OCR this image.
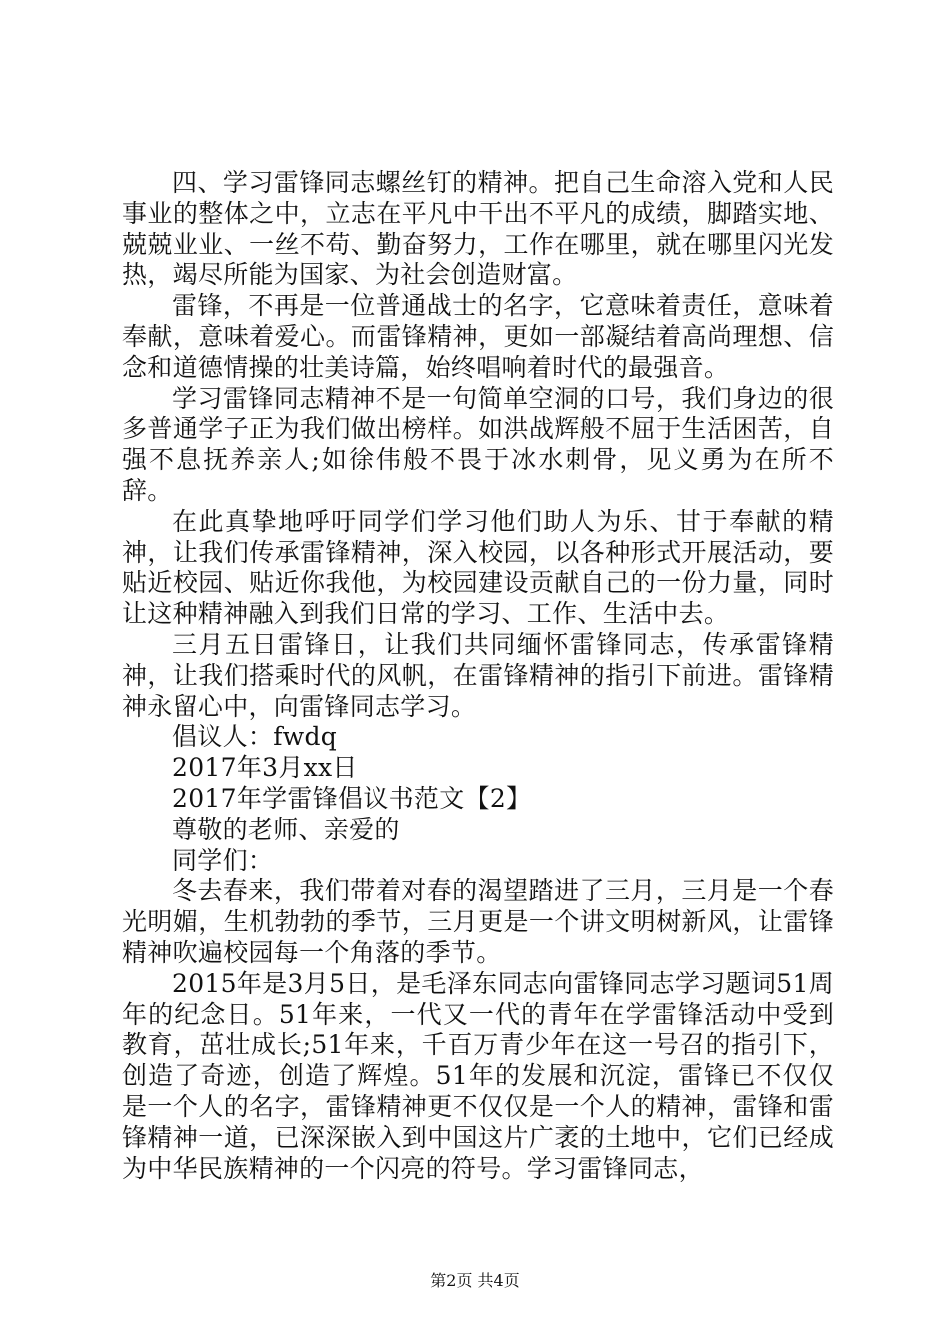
四、学习雷锋同志螺丝钉的精神。把自己生命溶入党和人民事业的整体之中，立志在平凡中干出不平凡的成绩，脚踏实地、兢兢业业、一丝不苟、勤奋努力，工作在哪里，就在哪里闪光发热，竭尽所能为国家、为社会创造财富。

雷锋，不再是一位普通战士的名字，它意味着责任，意味着奉献，意味着爱心。而雷锋精神，更如一部凝结着高尚理想、信念和道德情操的壮美诗篇，始终唱响着时代的最强音。

学习雷锋同志精神不是一句简单空洞的口号，我们身边的很多普通学子正为我们做出榜样。如洪战辉般不屈于生活困苦，自强不息抚养亲人;如徐伟般不畏于冰水刺骨，见义勇为在所不辞。

在此真挚地呼吁同学们学习他们助人为乐、甘于奉献的精神，让我们传承雷锋精神，深入校园，以各种形式开展活动，要贴近校园、贴近你我他，为校园建设贡献自己的一份力量，同时让这种精神融入到我们日常的学习、工作、生活中去。

三月五日雷锋日，让我们共同缅怀雷锋同志，传承雷锋精神，让我们搭乘时代的风帆，在雷锋精神的指引下前进。雷锋精神永留心中，向雷锋同志学习。

倡议人：fwdq

2017年3月xx日

2017年学雷锋倡议书范文【2】

尊敬的老师、亲爱的

同学们：

冬去春来，我们带着对春的渴望踏进了三月，三月是一个春光明媚，生机勃勃的季节，三月更是一个讲文明树新风，让雷锋精神吹遍校园每一个角落的季节。

2015年是3月5日，是毛泽东同志向雷锋同志学习题词51周年的纪念日。51年来，一代又一代的青年在学雷锋活动中受到教育，茁壮成长;51年来，千百万青少年在这一号召的指引下，创造了奇迹，创造了辉煌。51年的发展和沉淀，雷锋已不仅仅是一个人的名字，雷锋精神更不仅仅是一个人的精神，雷锋和雷锋精神一道，已深深嵌入到中国这片广袤的土地中，它们已经成为中华民族精神的一个闪亮的符号。学习雷锋同志，

第2页 共4页
